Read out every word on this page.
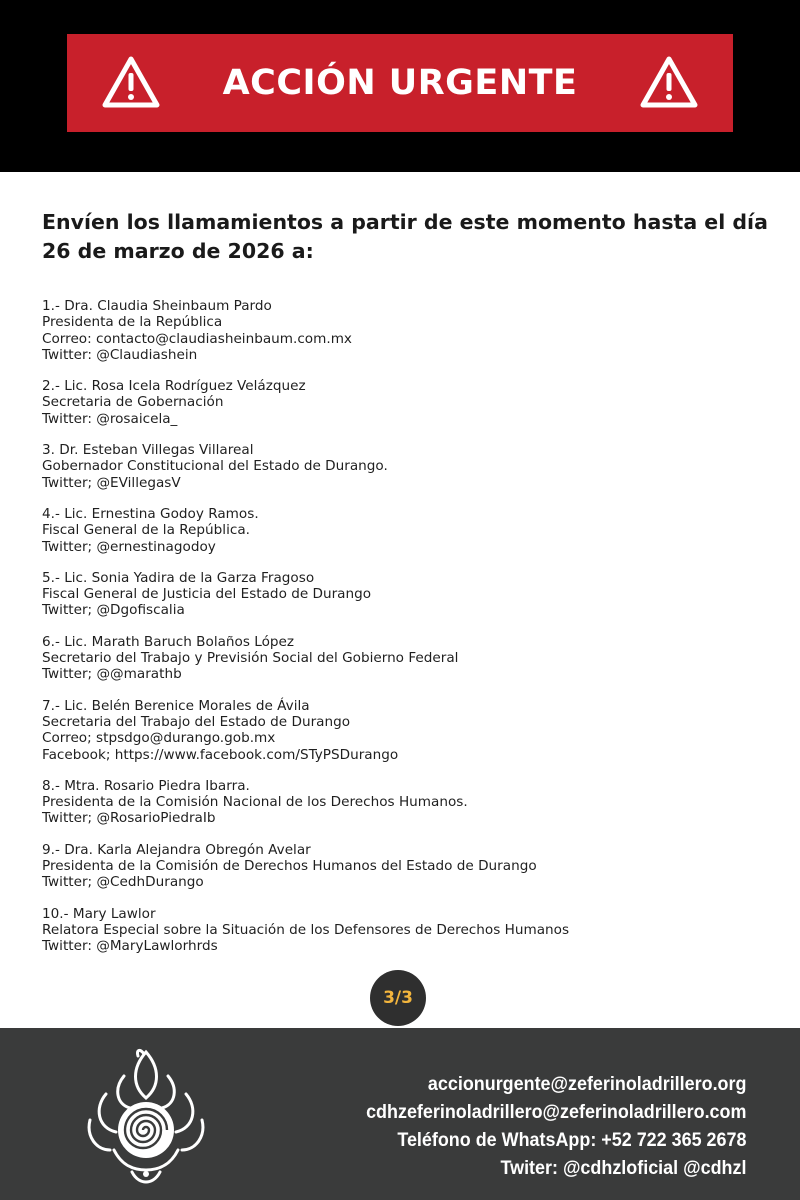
ACCIÓN URGENTE
Envíen los llamamientos a partir de este momento hasta el día 26 de marzo de 2026 a:
1.- Dra. Claudia Sheinbaum Pardo
Presidenta de la República
Correo: contacto@claudiasheinbaum.com.mx
Twitter: @Claudiashein
2.- Lic. Rosa Icela Rodríguez Velázquez
Secretaria de Gobernación
Twitter: @rosaicela_
3. Dr. Esteban Villegas Villareal
Gobernador Constitucional del Estado de Durango.
Twitter; @EVillegasV
4.- Lic. Ernestina Godoy Ramos.
Fiscal General de la República.
Twitter; @ernestinagodoy
5.- Lic. Sonia Yadira de la Garza Fragoso
Fiscal General de Justicia del Estado de Durango
Twitter; @Dgofiscalia
6.- Lic. Marath Baruch Bolaños López
Secretario del Trabajo y Previsión Social del Gobierno Federal
Twitter; @@marathb
7.- Lic. Belén Berenice Morales de Ávila
Secretaria del Trabajo del Estado de Durango
Correo; stpsdgo@durango.gob.mx
Facebook; https://www.facebook.com/STyPSDurango
8.- Mtra. Rosario Piedra Ibarra.
Presidenta de la Comisión Nacional de los Derechos Humanos.
Twitter; @RosarioPiedraIb
9.- Dra. Karla Alejandra Obregón Avelar
Presidenta de la Comisión de Derechos Humanos del Estado de Durango
Twitter; @CedhDurango
10.- Mary Lawlor
Relatora Especial sobre la Situación de los Defensores de Derechos Humanos
Twitter: @MaryLawlorhrds
3/3
accionurgente@zeferinoladrillero.org
cdhzeferinoladrillero@zeferinoladrillero.com
Teléfono de WhatsApp: +52 722 365 2678
Twiter: @cdhzloficial @cdhzl
